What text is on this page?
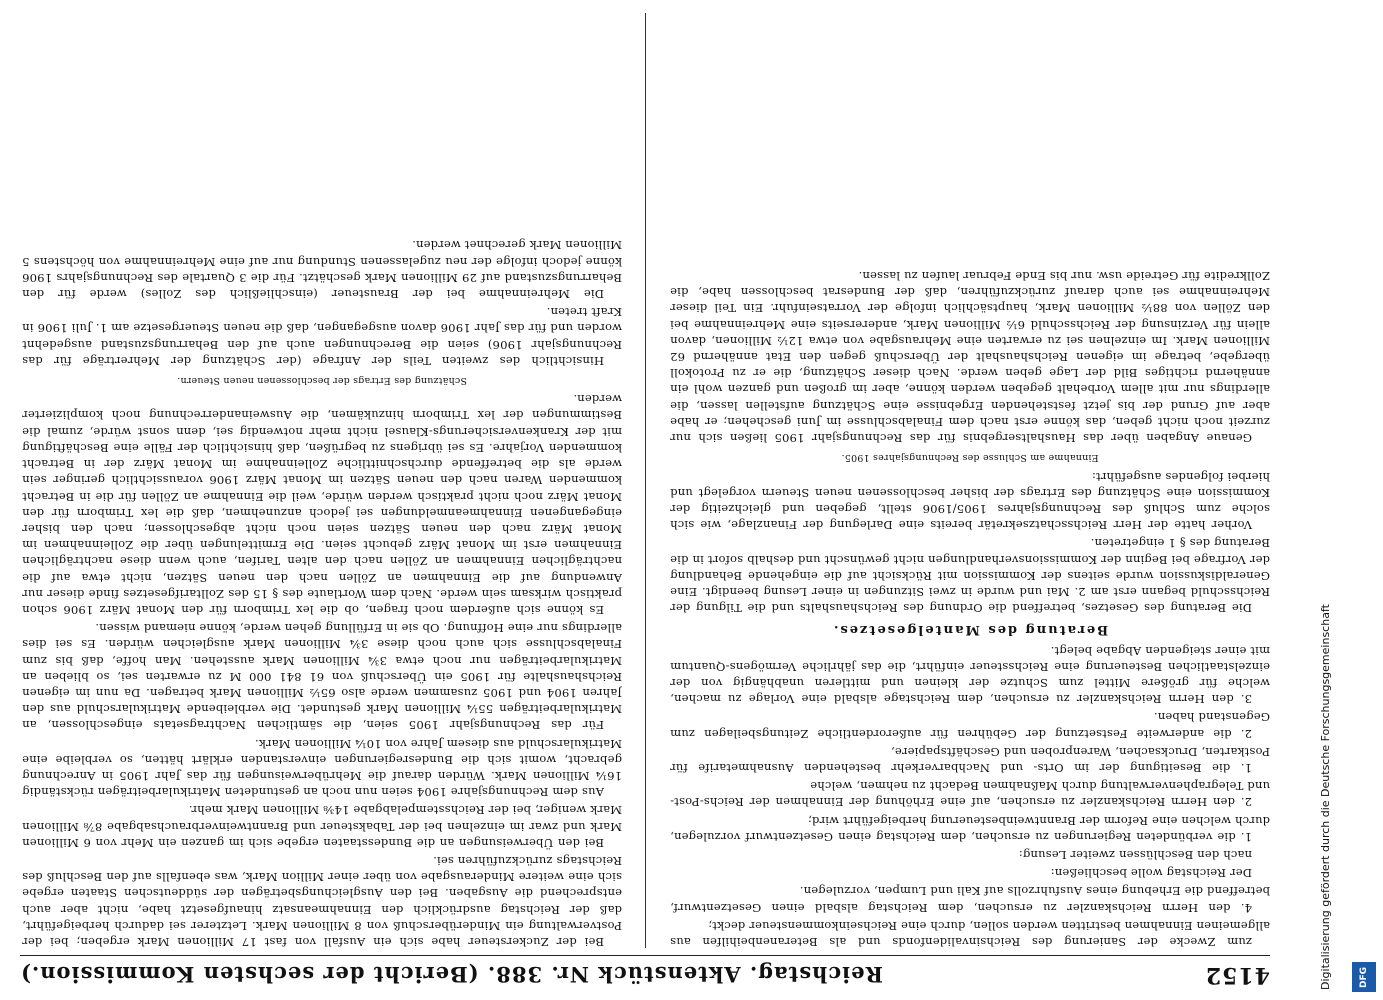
4152
Reichstag. Aktenstück Nr. 388. (Bericht der sechsten Kommission.)

zum Zwecke der Sanierung des Reichsinvalidenfonds und als Beteranenbeihilfen aus allgemeinen Einnahmen bestritten werden sollen, durch eine Reichseinkommensteuer deckt;

4. den Herrn Reichskanzler zu ersuchen, dem Reichstag alsbald einen Gesetzentwurf, betreffend die Erhebung eines Ausfuhrzolls auf Kali und Lumpen, vorzulegen.

Der Reichstag wolle beschließen:

nach den Beschlüssen zweiter Lesung:

1. die verbündeten Regierungen zu ersuchen, dem Reichstag einen Gesetzentwurf vorzulegen, durch welchen eine Reform der Branntweinbesteuerung herbeigeführt wird;

2. den Herrn Reichskanzler zu ersuchen, auf eine Erhöhung der Einnahmen der Reichs-Post- und Telegraphenverwaltung durch Maßnahmen Bedacht zu nehmen, welche

1. die Beseitigung der im Orts- und Nachbarverkehr bestehenden Ausnahmetarife für Postkarten, Drucksachen, Warenproben und Geschäftspapiere,

2. die anderweite Festsetzung der Gebühren für außerordentliche Zeitungsbeilagen zum Gegenstand haben.

3. den Herrn Reichskanzler zu ersuchen, dem Reichstage alsbald eine Vorlage zu machen, welche für größere Mittel zum Schutze der kleinen und mittleren unabhängig von der einzelstaatlichen Besteuerung eine Reichssteuer einführt, die das jährliche Vermögens-Quantum mit einer steigenden Abgabe belegt.

Beratung des Mantelgesetzes.

Die Beratung des Gesetzes, betreffend die Ordnung des Reichshaushalts und die Tilgung der Reichsschuld begann erst am 2. Mai und wurde in zwei Sitzungen in einer Lesung beendigt. Eine Generaldiskussion wurde seitens der Kommission mit Rücksicht auf die eingehende Behandlung der Vorfrage bei Beginn der Kommissionsverhandlungen nicht gewünscht und deshalb sofort in die Beratung des § 1 eingetreten.

Vorher hatte der Herr Reichsschatzsekretär bereits eine Darlegung der Finanzlage, wie sich solche zum Schluß des Rechnungsjahres 1905/1906 stellt, gegeben und gleichzeitig der Kommission eine Schätzung des Ertrags der bisher beschlossenen neuen Steuern vorgelegt und hierbei folgendes ausgeführt:

Einnahme am Schlusse des Rechnungsjahres 1905.

Genaue Angaben über das Haushaltsergebnis für das Rechnungsjahr 1905 ließen sich nur zurzeit noch nicht geben, das könne erst nach dem Finalabschlusse im Juni geschehen; er habe aber auf Grund der bis jetzt feststehenden Ergebnisse eine Schätzung aufstellen lassen, die allerdings nur mit allem Vorbehalt gegeben werden könne, aber im großen und ganzen wohl ein annähernd richtiges Bild der Lage geben werde. Nach dieser Schätzung, die er zu Protokoll übergebe, betrage im eigenen Reichshaushalt der Überschuß gegen den Etat annähernd 62 Millionen Mark. Im einzelnen sei zu erwarten eine Mehrausgabe von etwa 12½ Millionen, davon allein für Verzinsung der Reichsschuld 6½ Millionen Mark, andererseits eine Mehreinnahme bei den Zöllen von 88½ Millionen Mark, hauptsächlich infolge der Vorratseinfuhr. Ein Teil dieser Mehreinnahme sei auch darauf zurückzuführen, daß der Bundesrat beschlossen habe, die Zollkredite für Getreide usw. nur bis Ende Februar laufen zu lassen.

Bei der Zuckersteuer habe sich ein Ausfall von fast 17 Millionen Mark ergeben; bei der Postverwaltung ein Minderüberschuß von 8 Millionen Mark. Letzterer sei dadurch herbeigeführt, daß der Reichstag ausdrücklich den Einnahmeansatz hinaufgesetzt habe, nicht aber auch entsprechend die Ausgaben. Bei den Ausgleichungsbeträgen der süddeutschen Staaten ergebe sich eine weitere Minderausgabe von über einer Million Mark, was ebenfalls auf den Beschluß des Reichstags zurückzuführen sei.

Bei den Überweisungen an die Bundesstaaten ergebe sich im ganzen ein Mehr von 6 Millionen Mark und zwar im einzelnen bei der Tabaksteuer und Branntweinverbrauchsabgabe 8⅞ Millionen Mark weniger, bei der Reichsstempelabgabe 14⅜ Millionen Mark mehr.

Aus dem Rechnungsjahre 1904 seien nun noch an gestundeten Matrikularbeiträgen rückständig 16¼ Millionen Mark. Würden darauf die Mehrüberweisungen für das Jahr 1905 in Anrechnung gebracht, womit sich die Bundesregierungen einverstanden erklärt hätten, so verbleibe eine Matrikularschuld aus diesem Jahre von 10¼ Millionen Mark.

Für das Rechnungsjahr 1905 seien, die sämtlichen Nachtragsetats eingeschlossen, an Matrikularbeiträgen 55¼ Millionen Mark gestundet. Die verbleibende Matrikularschuld aus den Jahren 1904 und 1905 zusammen werde also 65½ Millionen Mark betragen. Da nun im eigenen Reichshaushalte für 1905 ein Überschuß von 61 841 000 M zu erwarten sei, so blieben an Matrikularbeiträgen nur noch etwa 3¾ Millionen Mark ausstehen. Man hoffe, daß bis zum Finalabschlusse sich auch noch diese 3¾ Millionen Mark ausgleichen würden. Es sei dies allerdings nur eine Hoffnung. Ob sie in Erfüllung gehen werde, könne niemand wissen.

Es könne sich außerdem noch fragen, ob die lex Trimborn für den Monat März 1906 schon praktisch wirksam sein werde. Nach dem Wortlaute des § 15 des Zolltarifgesetzes finde dieser nur Anwendung auf die Einnahmen an Zöllen nach den neuen Sätzen, nicht etwa auf die nachträglichen Einnahmen an Zöllen nach den alten Tarifen, auch wenn diese nachträglichen Einnahmen erst im Monat März gebucht seien. Die Ermittelungen über die Zolleinnahmen im Monat März nach den neuen Sätzen seien noch nicht abgeschlossen; nach den bisher eingegangenen Einnahmeanmeldungen sei jedoch anzunehmen, daß die lex Trimborn für den Monat März noch nicht praktisch werden würde, weil die Einnahme an Zöllen für die in Betracht kommenden Waren nach den neuen Sätzen im Monat März 1906 voraussichtlich geringer sein werde als die betreffende durchschnittliche Zolleinnahme im Monat März der in Betracht kommenden Vorjahre. Es sei übrigens zu begrüßen, daß hinsichtlich der Fälle eine Beschäftigung mit der Krankenversicherungs-Klausel nicht mehr notwendig sei, denn sonst würde, zumal die Bestimmungen der lex Trimborn hinzukämen, die Ausweinanderrechnung noch komplizierter werden.

Schätzung des Ertrags der beschlossenen neuen Steuern.

Hinsichtlich des zweiten Teils der Anfrage (der Schätzung der Mehrerträge für das Rechnungsjahr 1906) seien die Berechnungen auch auf den Beharrungszustand ausgedehnt worden und für das Jahr 1906 davon ausgegangen, daß die neuen Steuergesetze am 1. Juli 1906 in Kraft treten.

Die Mehreinnahme bei der Brausteuer (einschließlich des Zolles) werde für den Beharrungszustand auf 29 Millionen Mark geschätzt. Für die 3 Quartale des Rechnungsjahrs 1906 könne jedoch infolge der neu zugelassenen Stundung nur auf eine Mehreinnahme von höchstens 5 Millionen Mark gerechnet werden.

Digitalisierung gefördert durch die Deutsche Forschungsgemeinschaft	DFG
